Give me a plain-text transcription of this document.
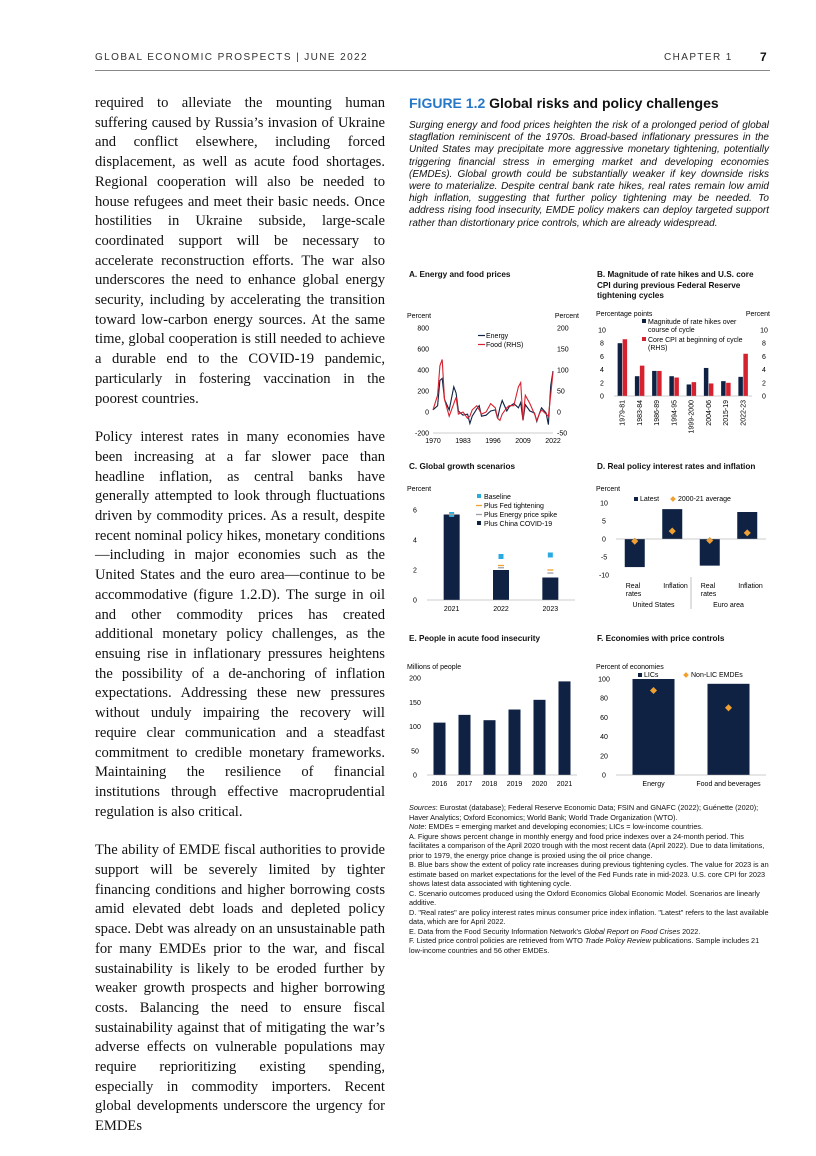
GLOBAL ECONOMIC PROSPECTS | JUNE 2022	CHAPTER 1 7

required to alleviate the mounting human suffering caused by Russia’s invasion of Ukraine and conflict elsewhere, including forced displacement, as well as acute food shortages. Regional cooperation will also be needed to house refugees and meet their basic needs. Once hostilities in Ukraine subside, large-scale coordinated support will be necessary to accelerate reconstruction efforts. The war also underscores the need to enhance global energy security, including by accelerating the transition toward low-carbon energy sources. At the same time, global cooperation is still needed to achieve a durable end to the COVID-19 pandemic, particularly in fostering vaccination in the poorest countries.

Policy interest rates in many economies have been increasing at a far slower pace than headline inflation, as central banks have generally attempted to look through fluctuations driven by commodity prices. As a result, despite recent nominal policy hikes, monetary conditions—including in major economies such as the United States and the euro area—continue to be accommodative (figure 1.2.D). The surge in oil and other commodity prices has created additional monetary policy challenges, as the ensuing rise in inflationary pressures heightens the possibility of a de-anchoring of inflation expectations. Addressing these new pressures without unduly impairing the recovery will require clear communication and a steadfast commitment to credible monetary frameworks. Maintaining the resilience of financial institutions through effective macroprudential regulation is also critical.

The ability of EMDE fiscal authorities to provide support will be severely limited by tighter financing conditions and higher borrowing costs amid elevated debt loads and depleted policy space. Debt was already on an unsustainable path for many EMDEs prior to the war, and fiscal sustainability is likely to be eroded further by weaker growth prospects and higher borrowing costs. Balancing the need to ensure fiscal sustainability against that of mitigating the war’s adverse effects on vulnerable populations may require reprioritizing existing spending, especially in commodity importers. Recent global developments underscore the urgency for EMDEs

FIGURE 1.2 Global risks and policy challenges
Surging energy and food prices heighten the risk of a prolonged period of global stagflation reminiscent of the 1970s. Broad-based inflationary pressures in the United States may precipitate more aggressive monetary tightening, potentially triggering financial stress in emerging market and developing economies (EMDEs). Global growth could be substantially weaker if key downside risks were to materialize. Despite central bank rate hikes, real rates remain low amid high inflation, suggesting that further policy tightening may be needed. To address rising food insecurity, EMDE policy makers can deploy targeted support rather than distortionary price controls, which are already widespread.
A. Energy and food prices	B. Magnitude of rate hikes and U.S. core CPI during previous Federal Reserve tightening cycles
C. Global growth scenarios	D. Real policy interest rates and inflation
E. People in acute food insecurity	F. Economies with price controls
Percent	Percent
800
600
400
200
0
-200
200
150
100
50
0
-50
1970 1983 1996 2009 2022
Energy
Food (RHS)
Percentage points	Percent
10	10
8	8
6	6
4	4
2	2
0	0
1979-81 1983-84 1986-89 1994-95 1999-2000 2004-06 2015-19 2022-23
Magnitude of rate hikes over
course of cycle
Core CPI at beginning of cycle
(RHS)
Percent
6
4
2
0
2021	2022	2023
Baseline
Plus Fed tightening
Plus Energy price spike
Plus China COVID-19
Percent
10
5
0
-5
-10
Real
rates
Inflation Real
rates
Inflation
United States	Euro area
Latest	2000-21 average
Millions of people
200
150
100
50
0
2016 2017 2018 2019 2020 2021
Percent of economies
100
80
60
40
20
0
Energy	Food and beverages
LICs	Non-LIC EMDEs

Sources: Eurostat (database); Federal Reserve Economic Data; FSIN and GNAFC (2022); Guénette (2020); Haver Analytics; Oxford Economics; World Bank; World Trade Organization (WTO).

Note: EMDEs = emerging market and developing economies; LICs = low-income countries.

A. Figure shows percent change in monthly energy and food price indexes over a 24-month period. This facilitates a comparison of the April 2020 trough with the most recent data (April 2022). Due to data limitations, prior to 1979, the energy price change is proxied using the oil price change.

B. Blue bars show the extent of policy rate increases during previous tightening cycles. The value for 2023 is an estimate based on market expectations for the level of the Fed Funds rate in mid-2023. U.S. core CPI for 2023 shows latest data associated with tightening cycle.

C. Scenario outcomes produced using the Oxford Economics Global Economic Model. Scenarios are linearly additive.

D. "Real rates" are policy interest rates minus consumer price index inflation. "Latest" refers to the last available data, which are for April 2022.

E. Data from the Food Security Information Network's Global Report on Food Crises 2022.

F. Listed price control policies are retrieved from WTO Trade Policy Review publications. Sample includes 21 low-income countries and 56 other EMDEs.
